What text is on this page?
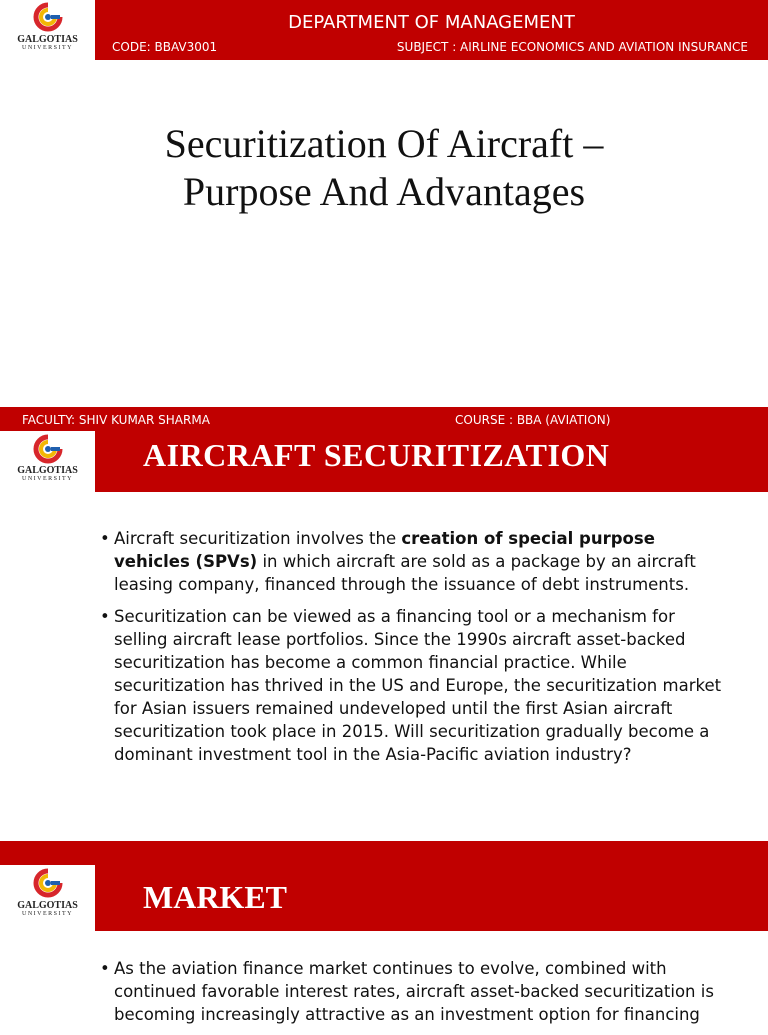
GALGOTIAS
UNIVERSITY
DEPARTMENT OF MANAGEMENT
CODE: BBAV3001	SUBJECT : AIRLINE ECONOMICS AND AVIATION INSURANCE
Securitization Of Aircraft –
Purpose And Advantages
FACULTY: SHIV KUMAR SHARMA	COURSE : BBA (AVIATION)
GALGOTIAS
UNIVERSITY
AIRCRAFT SECURITIZATION
• Aircraft securitization involves the creation of special purpose vehicles (SPVs) in which aircraft are sold as a package by an aircraft leasing company, financed through the issuance of debt instruments.
• Securitization can be viewed as a financing tool or a mechanism for selling aircraft lease portfolios. Since the 1990s aircraft asset-backed securitization has become a common financial practice. While securitization has thrived in the US and Europe, the securitization market for Asian issuers remained undeveloped until the first Asian aircraft securitization took place in 2015. Will securitization gradually become a dominant investment tool in the Asia-Pacific aviation industry?
GALGOTIAS
UNIVERSITY	MARKET
• As the aviation finance market continues to evolve, combined with continued favorable interest rates, aircraft asset-backed securitization is becoming increasingly attractive as an investment option for financing
